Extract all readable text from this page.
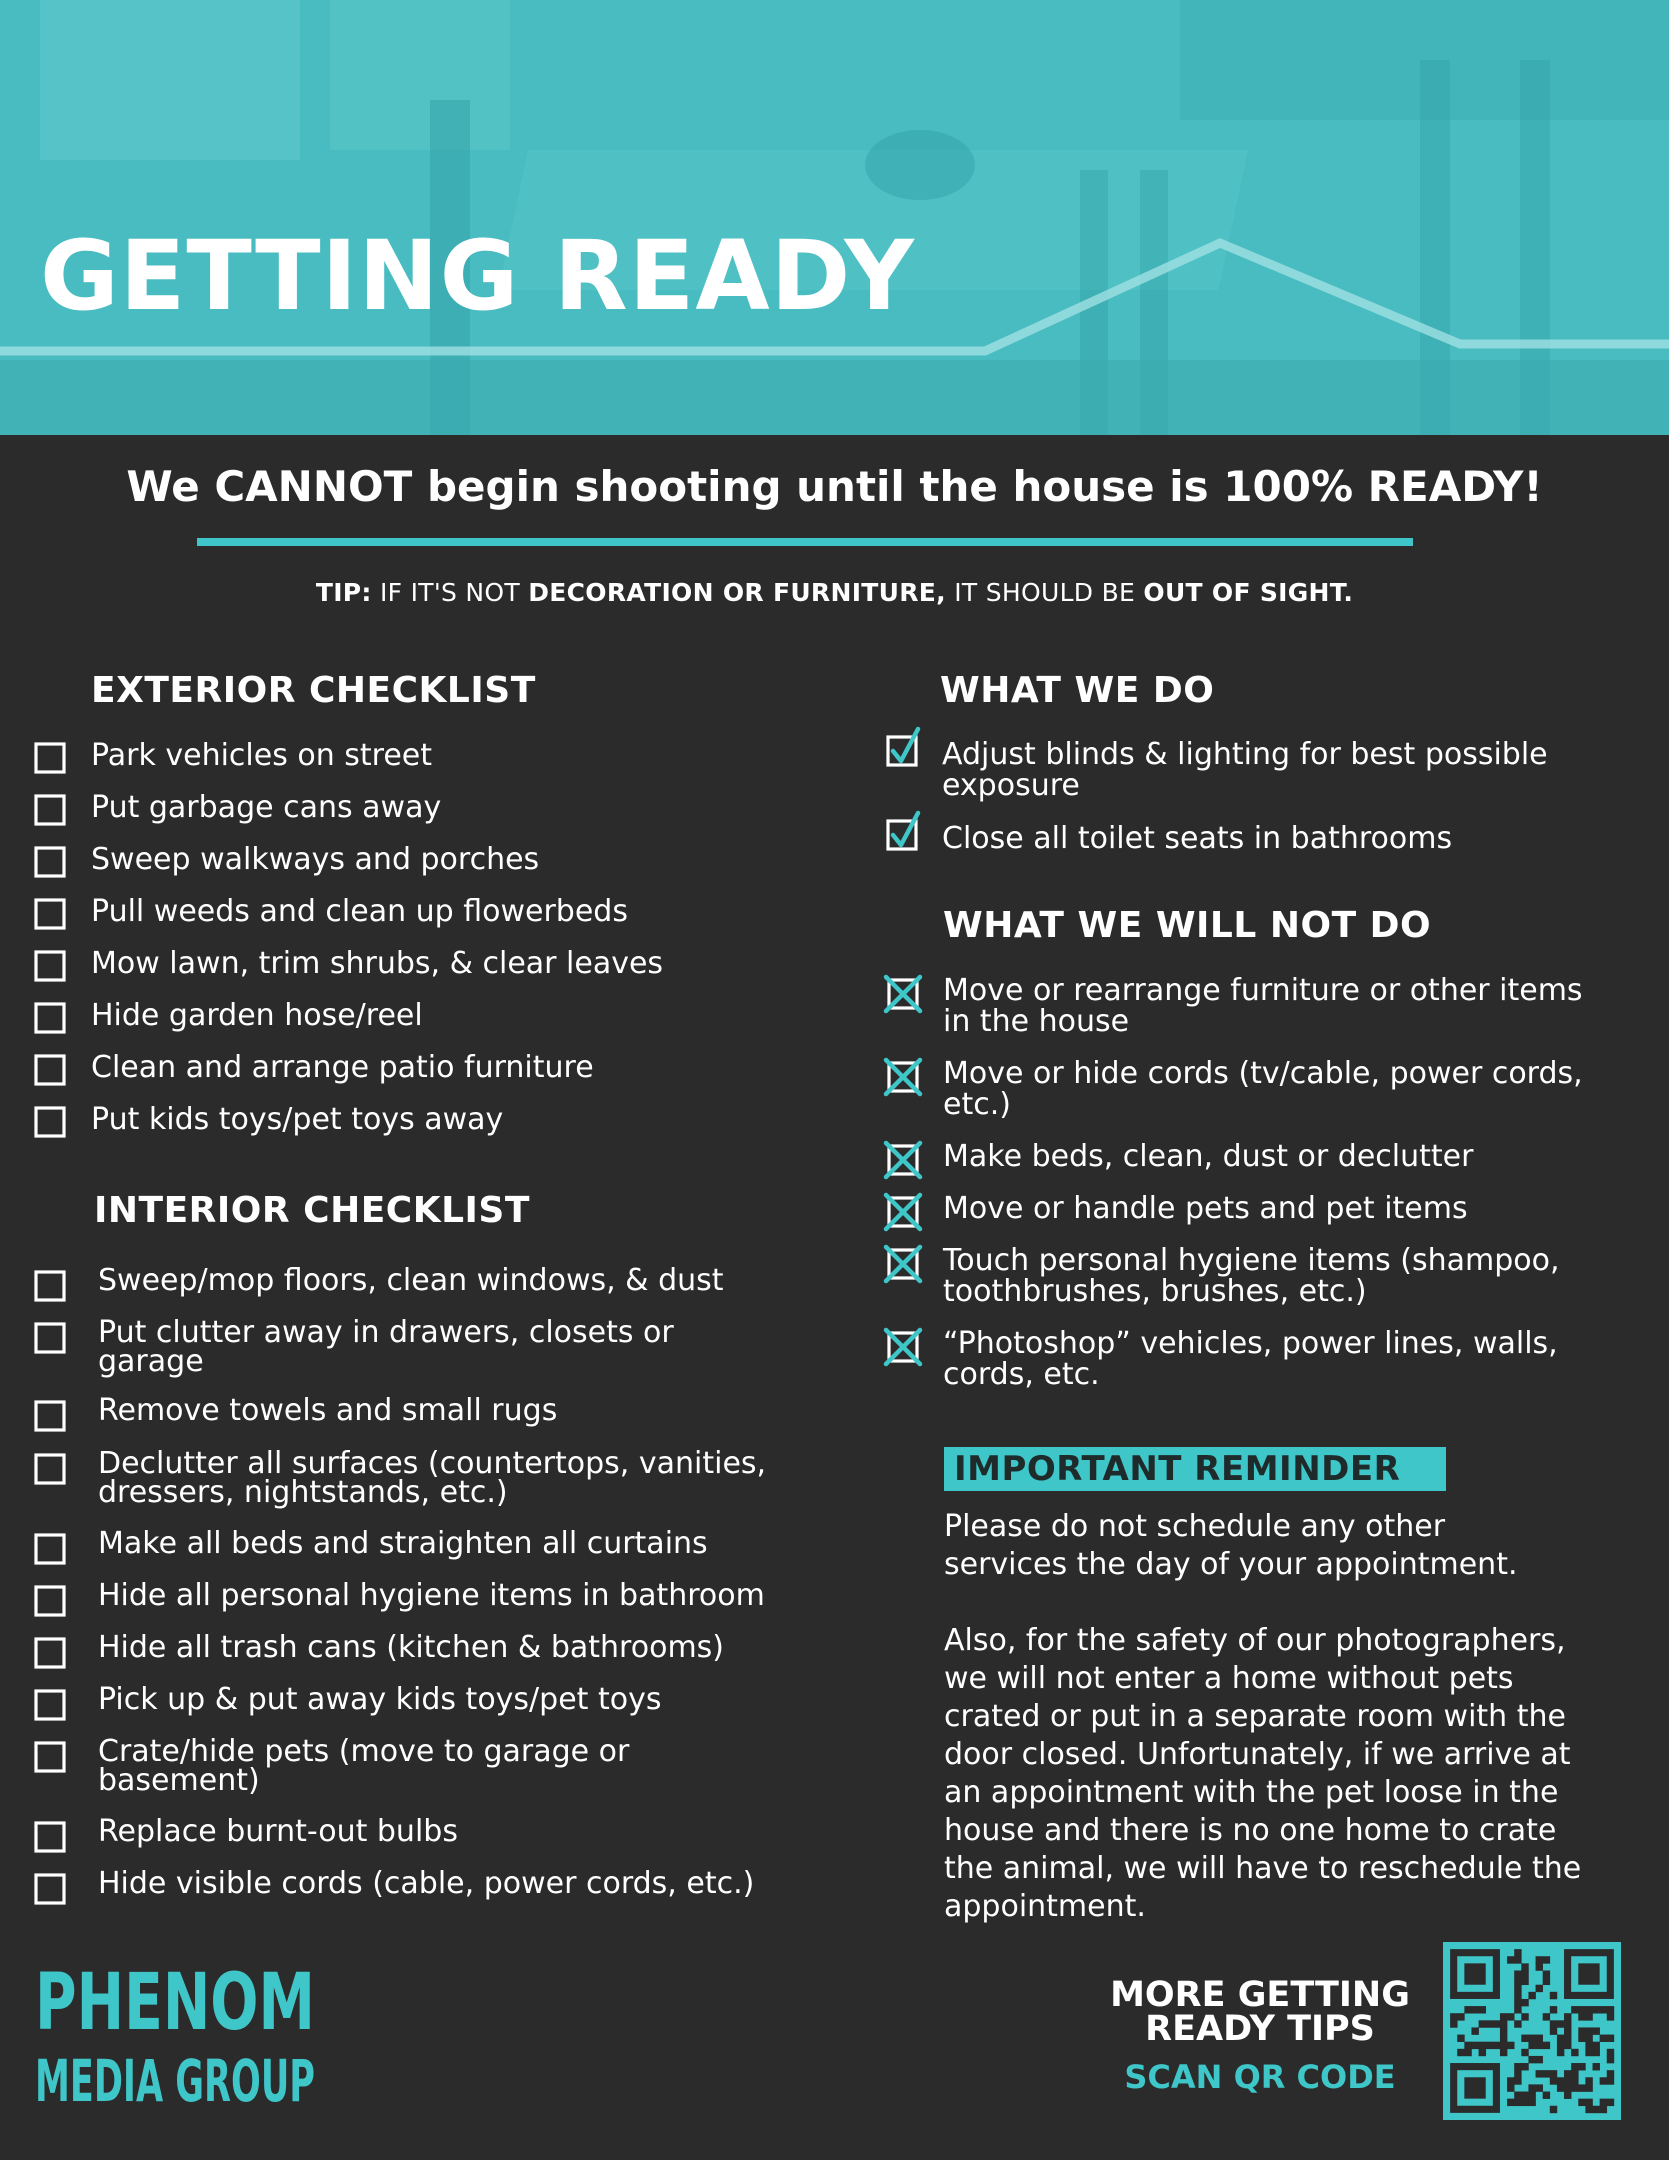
GETTING READY
We CANNOT begin shooting until the house is 100% READY!
TIP: IF IT'S NOT DECORATION OR FURNITURE, IT SHOULD BE OUT OF SIGHT.
EXTERIOR CHECKLIST
Park vehicles on street
Put garbage cans away
Sweep walkways and porches
Pull weeds and clean up flowerbeds
Mow lawn, trim shrubs, & clear leaves
Hide garden hose/reel
Clean and arrange patio furniture
Put kids toys/pet toys away
INTERIOR CHECKLIST
Sweep/mop floors, clean windows, & dust
Put clutter away in drawers, closets or
garage
Remove towels and small rugs
Declutter all surfaces (countertops, vanities,
dressers, nightstands, etc.)
Make all beds and straighten all curtains
Hide all personal hygiene items in bathroom
Hide all trash cans (kitchen & bathrooms)
Pick up & put away kids toys/pet toys
Crate/hide pets (move to garage or
basement)
Replace burnt-out bulbs
Hide visible cords (cable, power cords, etc.)
WHAT WE DO
Adjust blinds & lighting for best possible
exposure
Close all toilet seats in bathrooms
WHAT WE WILL NOT DO
Move or rearrange furniture or other items
in the house
Move or hide cords (tv/cable, power cords,
etc.)
Make beds, clean, dust or declutter
Move or handle pets and pet items
Touch personal hygiene items (shampoo,
toothbrushes, brushes, etc.)
“Photoshop” vehicles, power lines, walls,
cords, etc.
IMPORTANT REMINDER
Please do not schedule any other
services the day of your appointment.
Also, for the safety of our photographers,
we will not enter a home without pets
crated or put in a separate room with the
door closed. Unfortunately, if we arrive at
an appointment with the pet loose in the
house and there is no one home to crate
the animal, we will have to reschedule the
appointment.
PHENOM
MEDIA GROUP
MORE GETTING
READY TIPS
SCAN QR CODE
